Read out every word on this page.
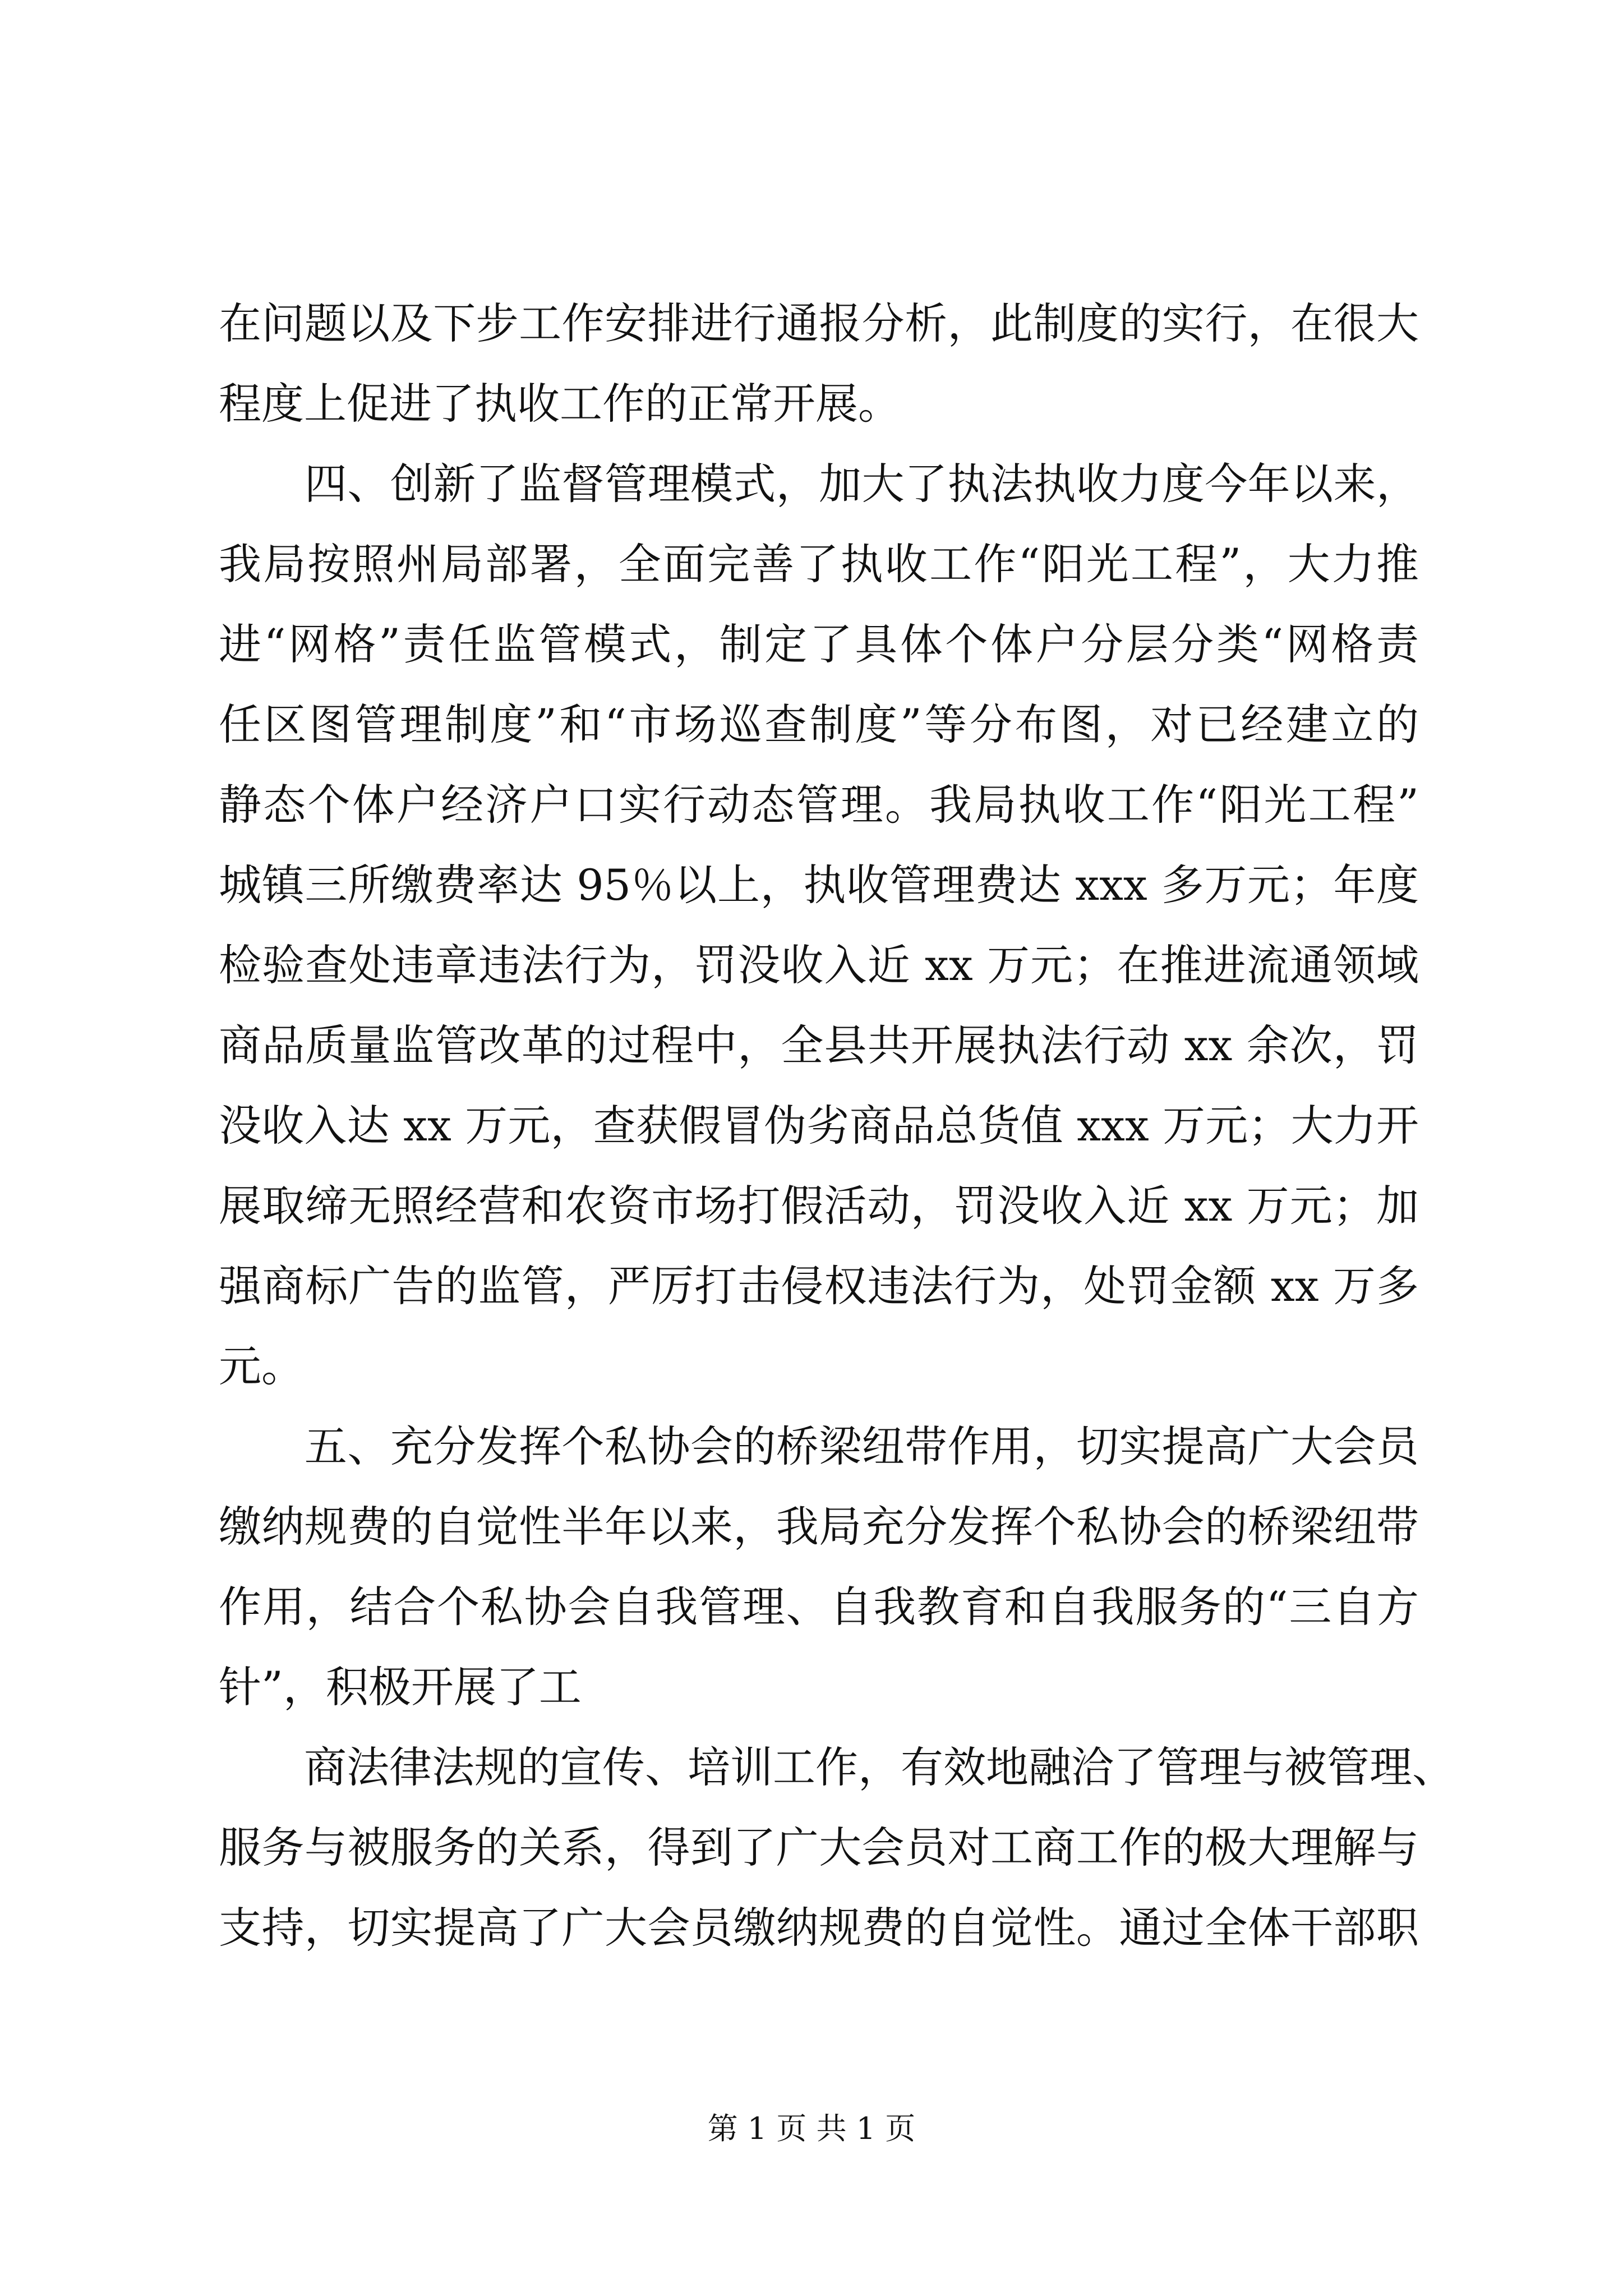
在问题以及下步工作安排进行通报分析，此制度的实行，在很大
程度上促进了执收工作的正常开展。
　　四、创新了监督管理模式，加大了执法执收力度今年以来，
我局按照州局部署，全面完善了执收工作“阳光工程”，大力推
进“网格”责任监管模式，制定了具体个体户分层分类“网格责
任区图管理制度”和“市场巡查制度”等分布图，对已经建立的
静态个体户经济户口实行动态管理。我局执收工作“阳光工程”
城镇三所缴费率达 95％以上，执收管理费达 xxx 多万元；年度
检验查处违章违法行为，罚没收入近 xx 万元；在推进流通领域
商品质量监管改革的过程中，全县共开展执法行动 xx 余次，罚
没收入达 xx 万元，查获假冒伪劣商品总货值 xxx 万元；大力开
展取缔无照经营和农资市场打假活动，罚没收入近 xx 万元；加
强商标广告的监管，严厉打击侵权违法行为，处罚金额 xx 万多
元。
　　五、充分发挥个私协会的桥梁纽带作用，切实提高广大会员
缴纳规费的自觉性半年以来，我局充分发挥个私协会的桥梁纽带
作用，结合个私协会自我管理、自我教育和自我服务的“三自方
针”，积极开展了工
　　商法律法规的宣传、培训工作，有效地融洽了管理与被管理、
服务与被服务的关系，得到了广大会员对工商工作的极大理解与
支持，切实提高了广大会员缴纳规费的自觉性。通过全体干部职
第 1 页 共 1 页
